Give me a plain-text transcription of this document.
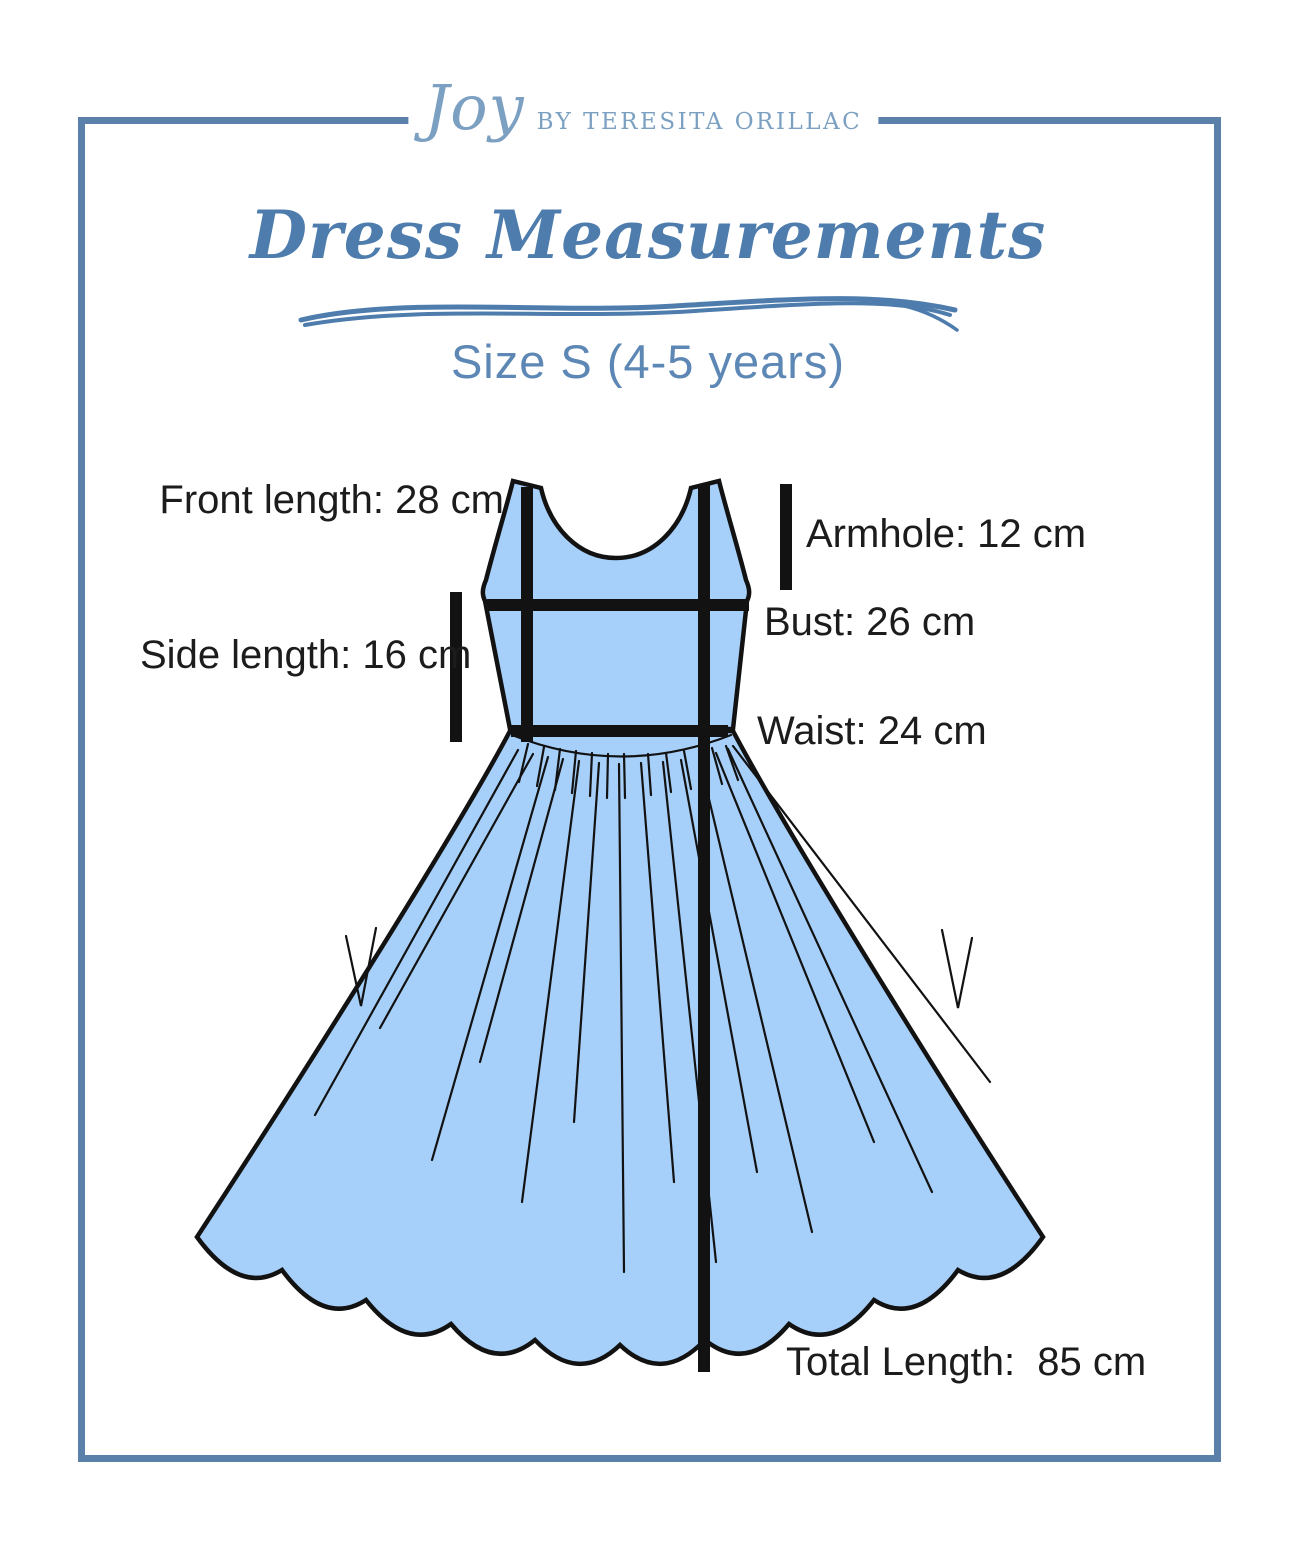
Joy BY TERESITA ORILLAC
Dress Measurements
Size S (4-5 years)
Front length: 28 cm
Side length: 16 cm
Armhole: 12 cm
Bust: 26 cm
Waist: 24 cm
Total Length:  85 cm
